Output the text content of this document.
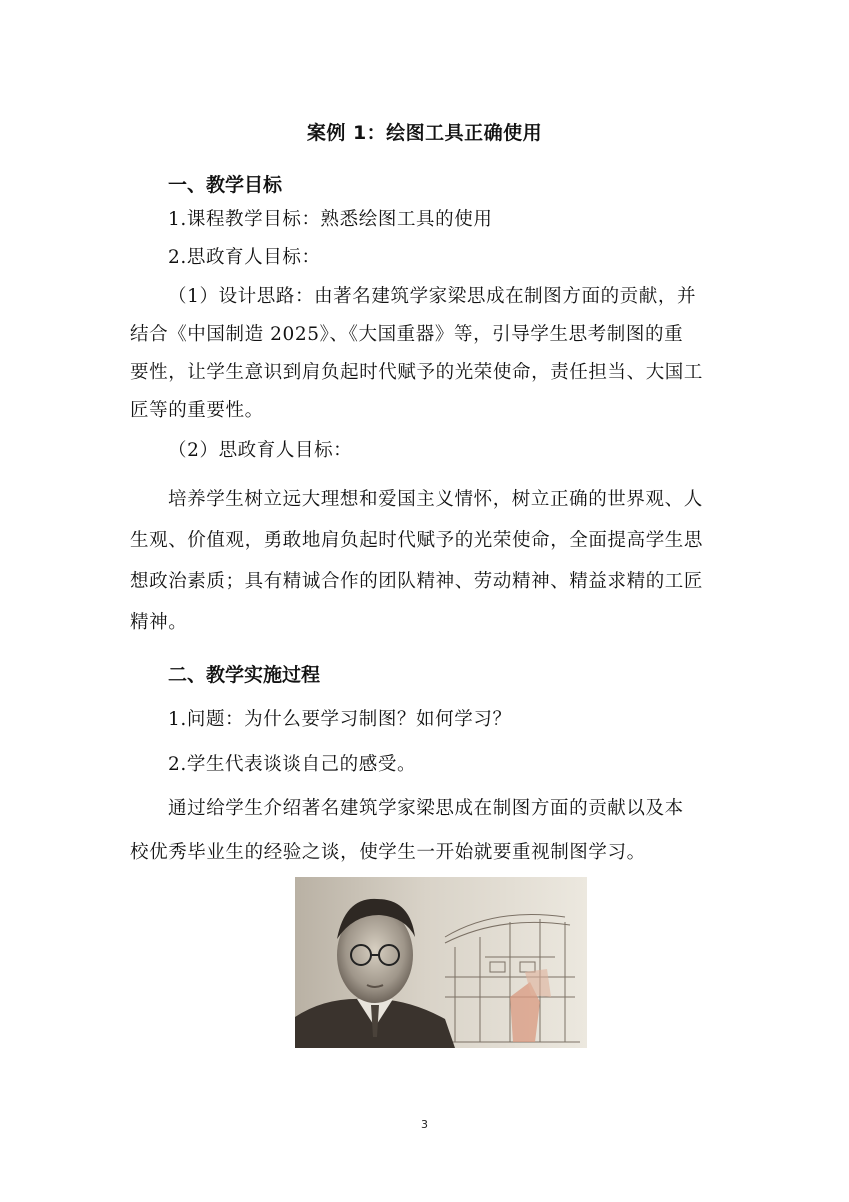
案例 1：绘图工具正确使用
一、教学目标
1.课程教学目标：熟悉绘图工具的使用
2.思政育人目标：
（1）设计思路：由著名建筑学家梁思成在制图方面的贡献，并
结合《中国制造 2025》、《大国重器》等，引导学生思考制图的重
要性，让学生意识到肩负起时代赋予的光荣使命，责任担当、大国工
匠等的重要性。
（2）思政育人目标：
培养学生树立远大理想和爱国主义情怀，树立正确的世界观、人
生观、价值观，勇敢地肩负起时代赋予的光荣使命，全面提高学生思
想政治素质；具有精诚合作的团队精神、劳动精神、精益求精的工匠
精神。
二、教学实施过程
1.问题：为什么要学习制图？如何学习？
2.学生代表谈谈自己的感受。
通过给学生介绍著名建筑学家梁思成在制图方面的贡献以及本
校优秀毕业生的经验之谈，使学生一开始就要重视制图学习。
3
